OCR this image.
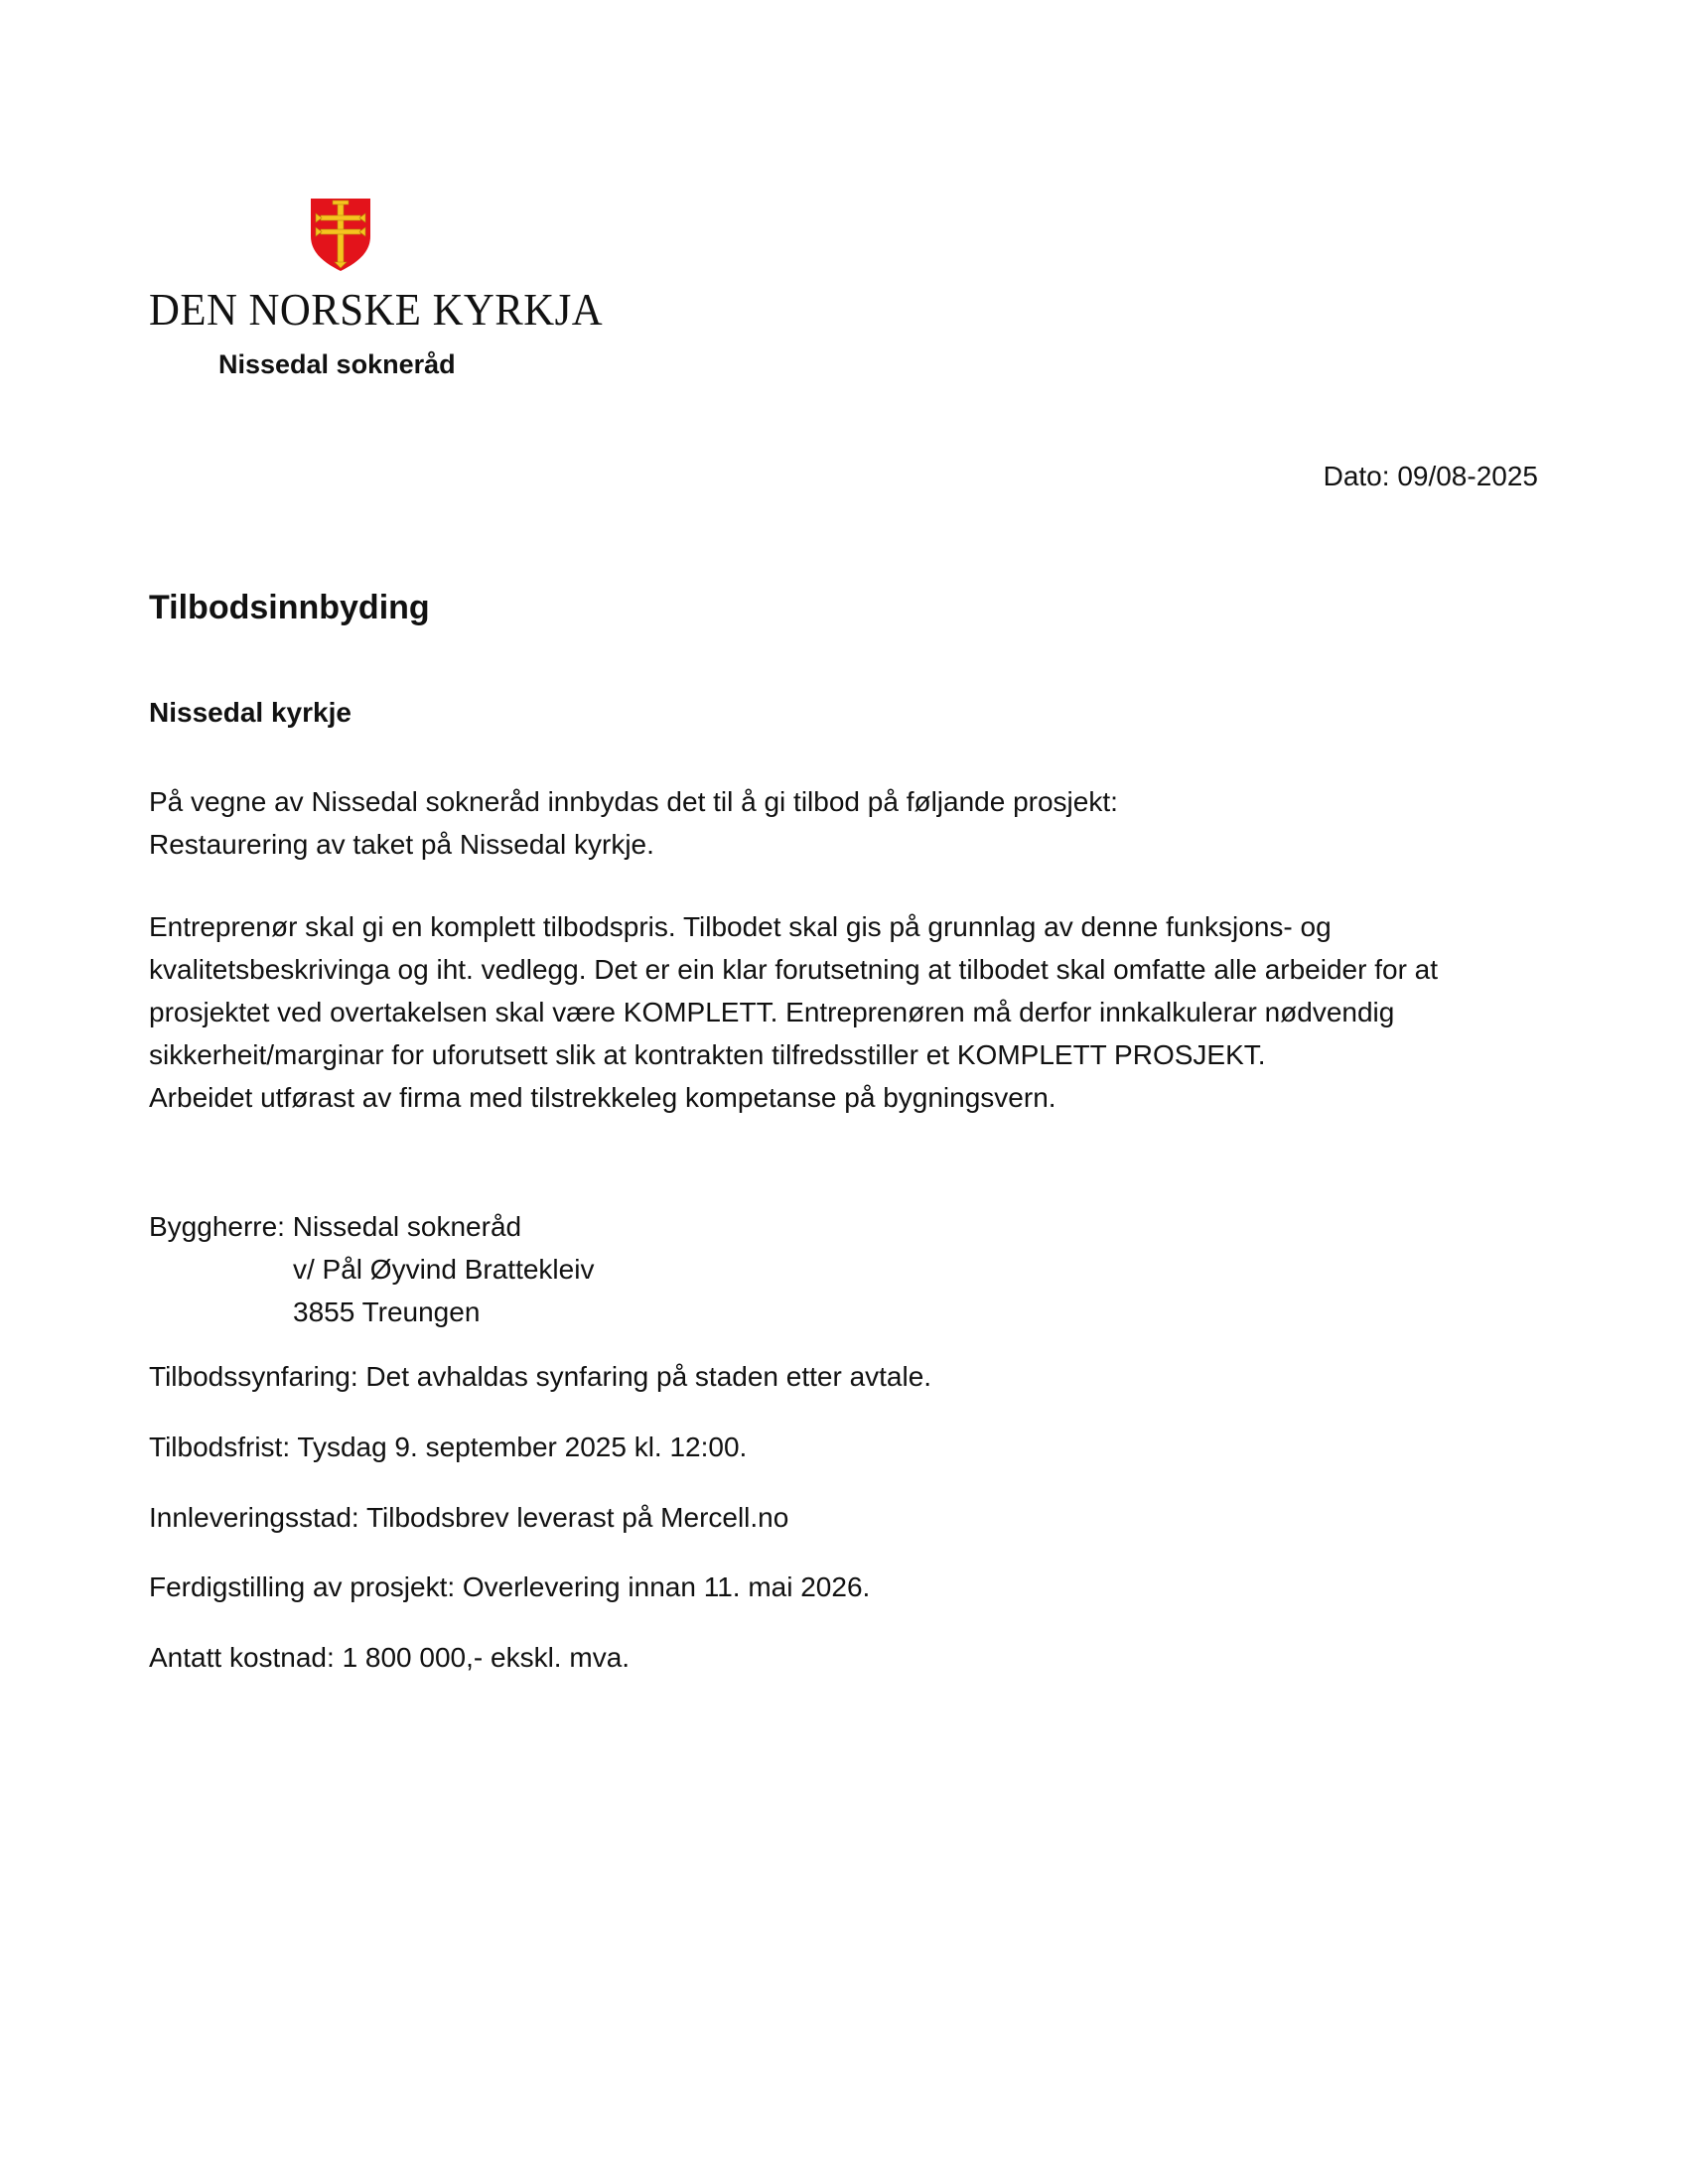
DEN NORSKE KYRKJA
Nissedal sokneråd
Dato: 09/08-2025
Tilbodsinnbyding
Nissedal kyrkje
På vegne av Nissedal sokneråd innbydas det til å gi tilbod på føljande prosjekt:
Restaurering av taket på Nissedal kyrkje.
Entreprenør skal gi en komplett tilbodspris. Tilbodet skal gis på grunnlag av denne funksjons- og
kvalitetsbeskrivinga og iht. vedlegg. Det er ein klar forutsetning at tilbodet skal omfatte alle arbeider for at
prosjektet ved overtakelsen skal være KOMPLETT. Entreprenøren må derfor innkalkulerar nødvendig
sikkerheit/marginar for uforutsett slik at kontrakten tilfredsstiller et KOMPLETT PROSJEKT.
Arbeidet utførast av firma med tilstrekkeleg kompetanse på bygningsvern.
Byggherre: Nissedal sokneråd
v/ Pål Øyvind Brattekleiv
3855 Treungen
Tilbodssynfaring: Det avhaldas synfaring på staden etter avtale.
Tilbodsfrist: Tysdag 9. september 2025 kl. 12:00.
Innleveringsstad: Tilbodsbrev leverast på Mercell.no
Ferdigstilling av prosjekt: Overlevering innan 11. mai 2026.
Antatt kostnad: 1 800 000,- ekskl. mva.
